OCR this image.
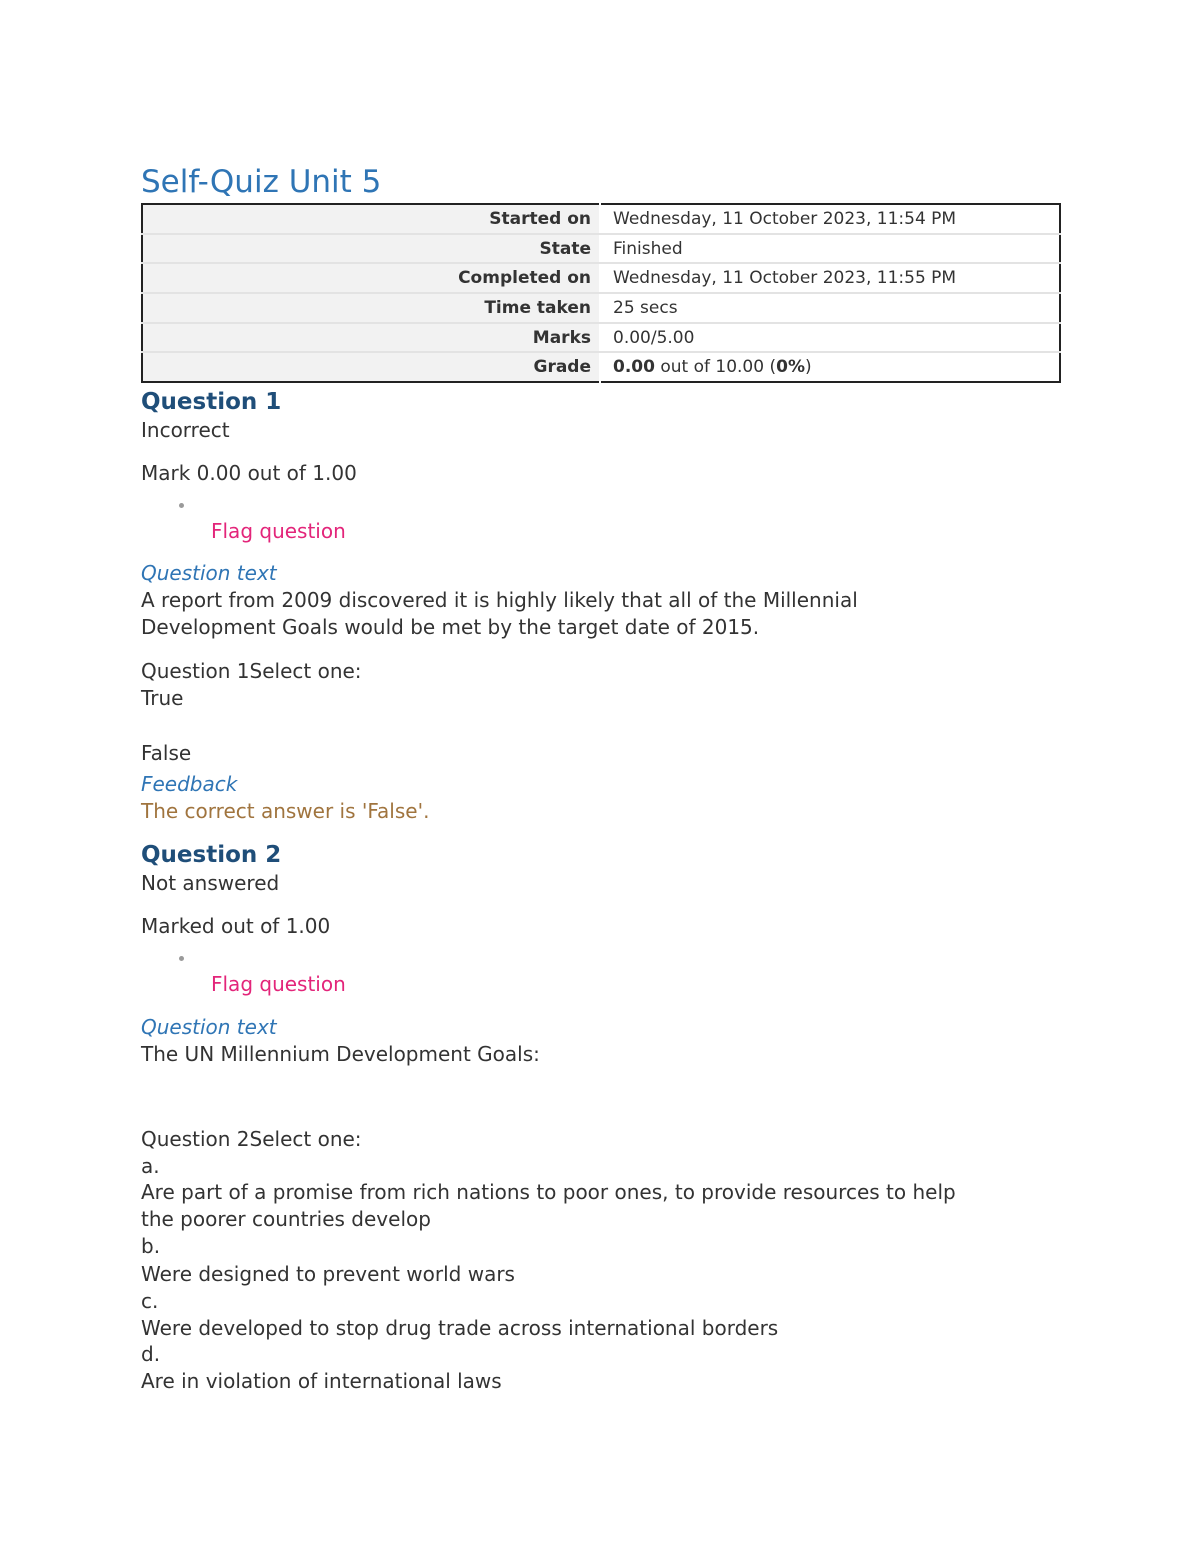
Self-Quiz Unit 5
Started on	Wednesday, 11 October 2023, 11:54 PM
State	Finished
Completed on	Wednesday, 11 October 2023, 11:55 PM
Time taken	25 secs
Marks	0.00/5.00
Grade	0.00 out of 10.00 (0%)
Question 1
Incorrect
Mark 0.00 out of 1.00
Flag question
Question text
A report from 2009 discovered it is highly likely that all of the Millennial
Development Goals would be met by the target date of 2015.
Question 1Select one:
True
False
Feedback
The correct answer is 'False'.
Question 2
Not answered
Marked out of 1.00
Flag question
Question text
The UN Millennium Development Goals:
Question 2Select one:
a.
Are part of a promise from rich nations to poor ones, to provide resources to help
the poorer countries develop
b.
Were designed to prevent world wars
c.
Were developed to stop drug trade across international borders
d.
Are in violation of international laws
